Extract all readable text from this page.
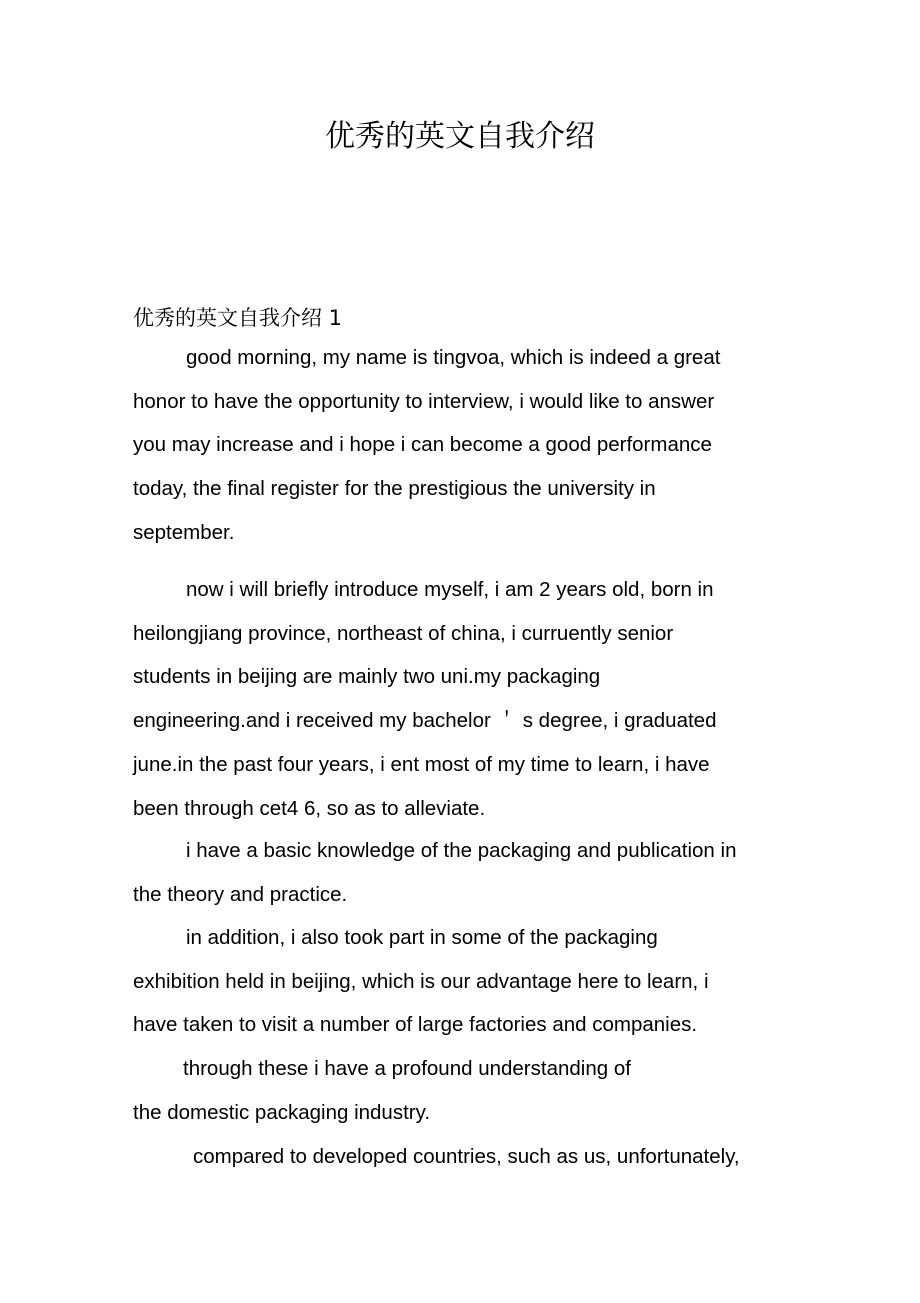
优秀的英文自我介绍
优秀的英文自我介绍 1
good morning, my name is tingvoa, which is indeed a great
honor to have the opportunity to interview, i would like to answer
you may increase and i hope i can become a good performance
today, the final register for the prestigious the university in
september.
now i will briefly introduce myself, i am 2 years old, born in
heilongjiang province, northeast of china, i curruently senior
students in beijing are mainly two uni.my packaging
engineering.and i received my bachelor ＇ s degree, i graduated
june.in the past four years, i ent most of my time to learn, i have
been through cet4 6, so as to alleviate.
i have a basic knowledge of the packaging and publication in
the theory and practice.
in addition, i also took part in some of the packaging
exhibition held in beijing, which is our advantage here to learn, i
have taken to visit a number of large factories and companies.
through these i have a profound understanding of
the domestic packaging industry.
compared to developed countries, such as us, unfortunately,
